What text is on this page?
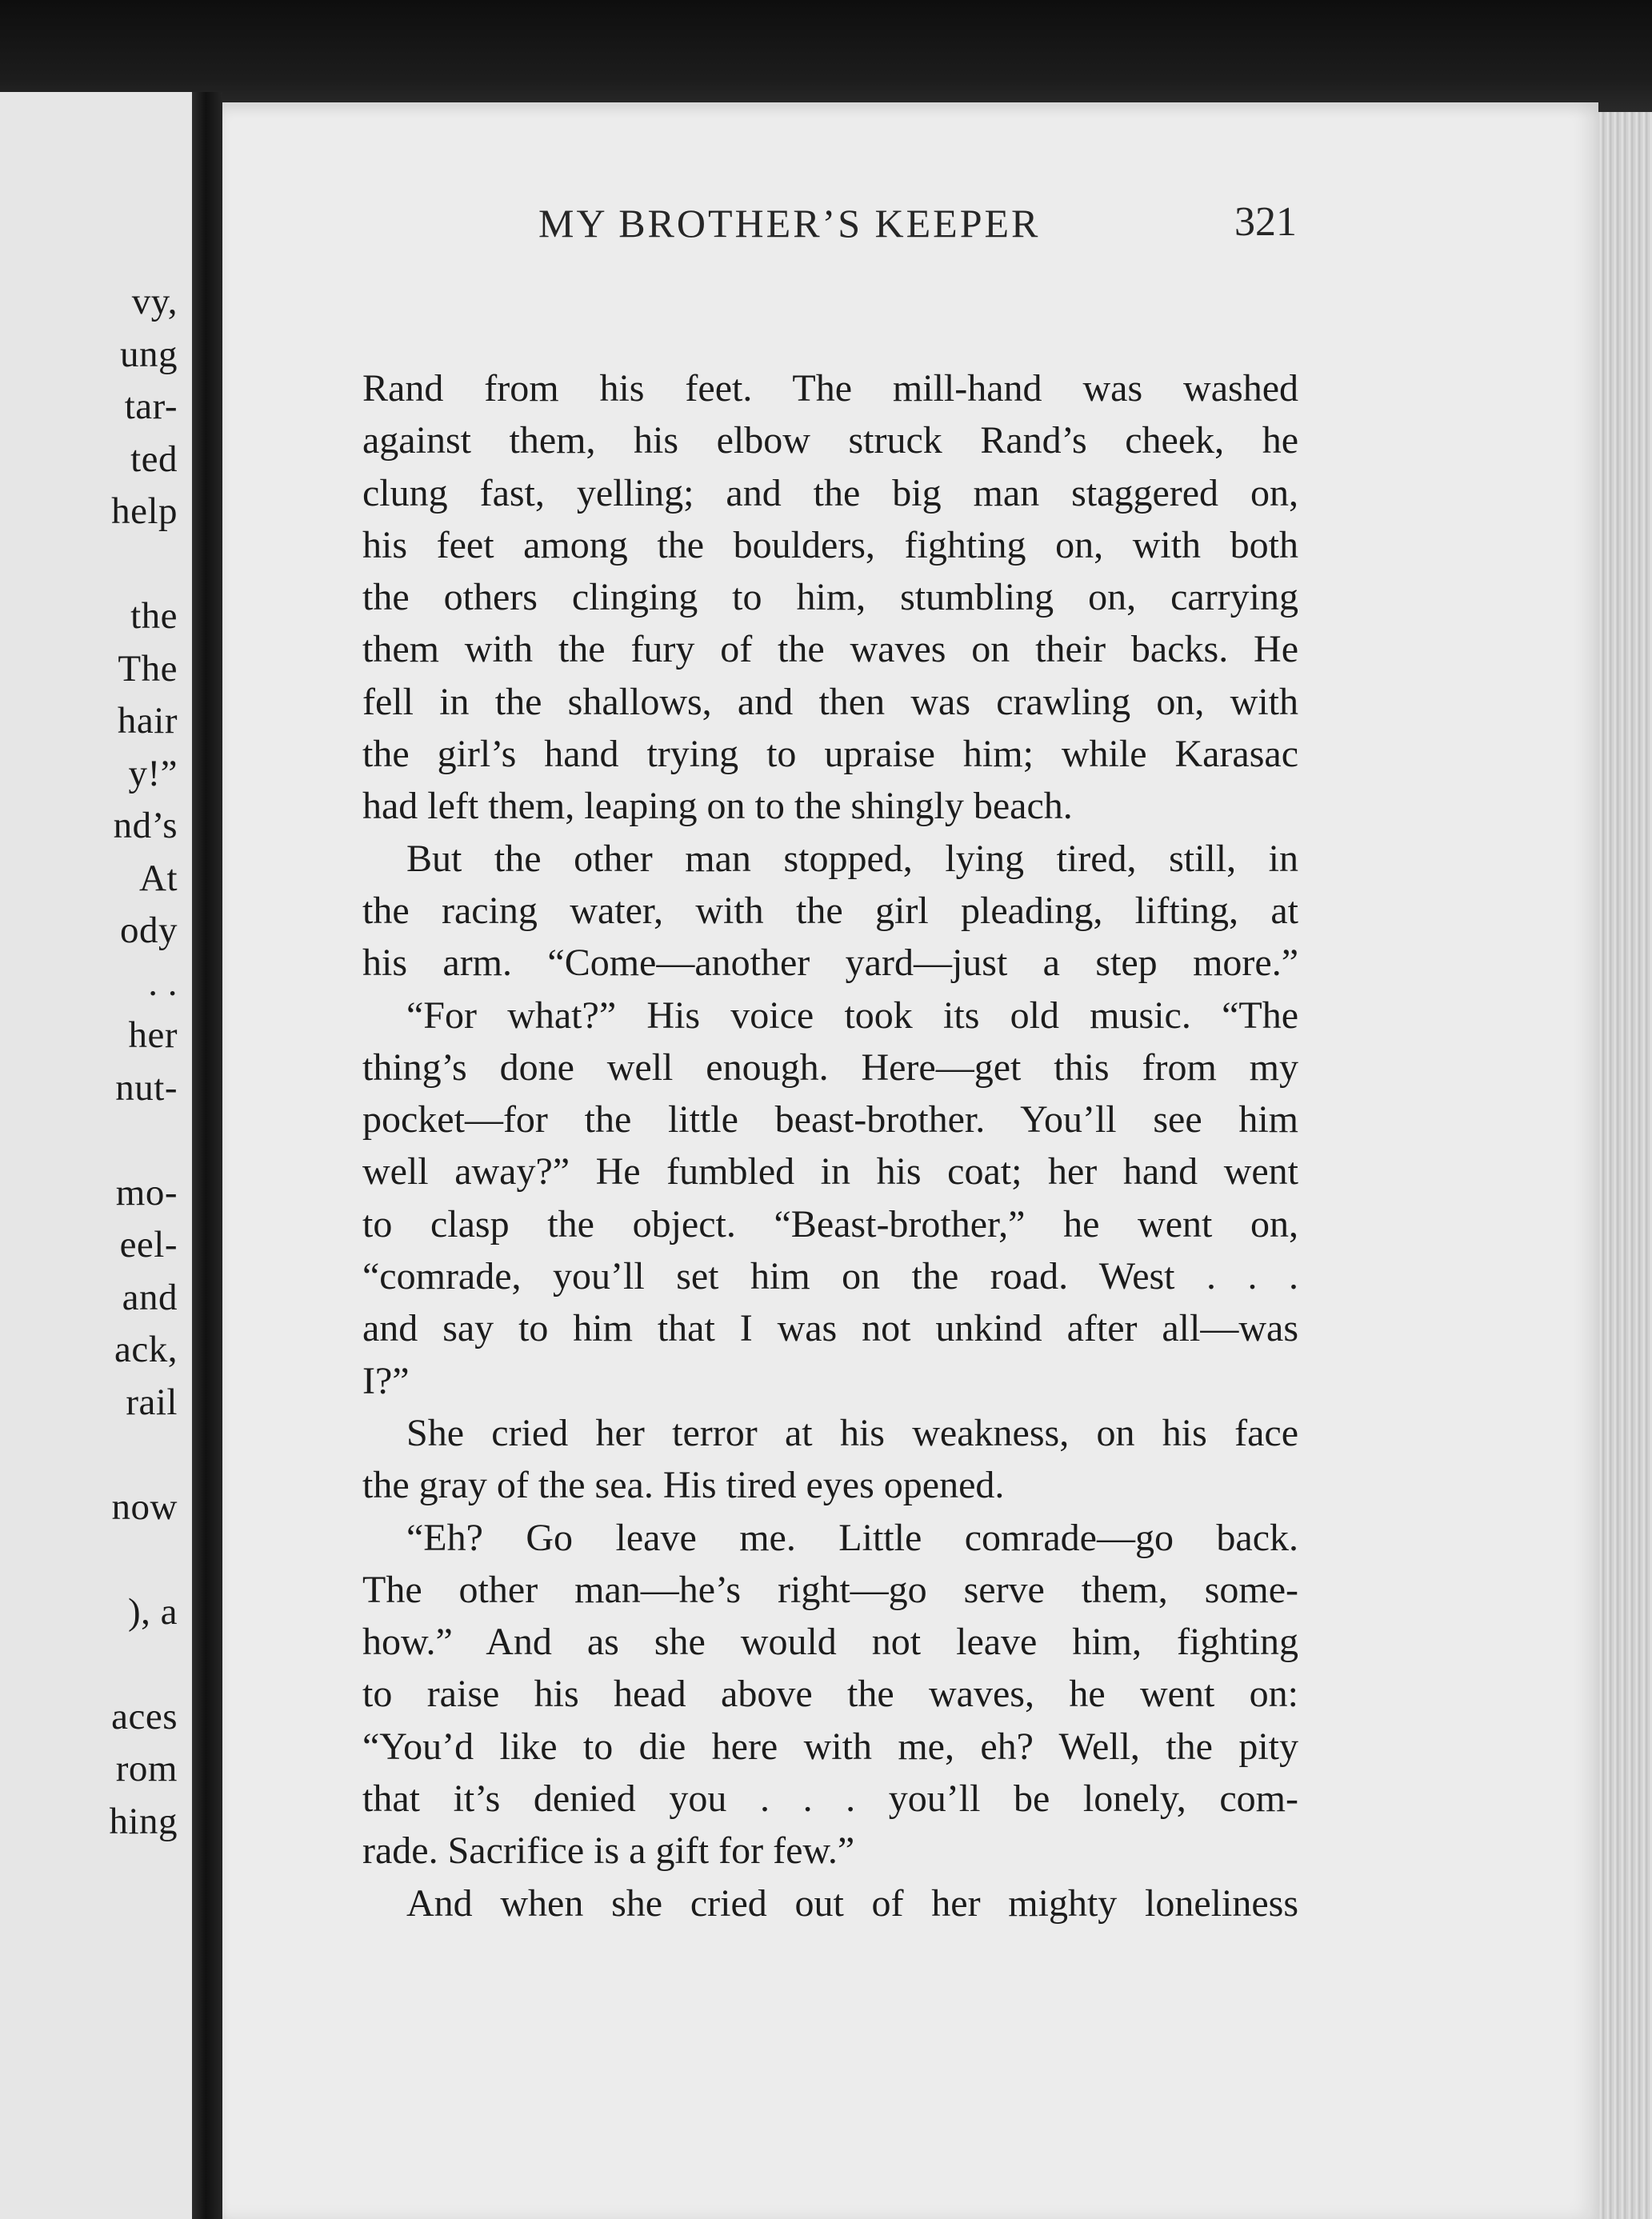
vy,
ung
tar-
ted
help
the
The
hair
y!”
nd’s
At
ody
. .
her
nut-
mo-
eel-
and
ack,
rail
now
), a
aces
rom
hing
MY BROTHER’S KEEPER	321
Rand from his feet. The mill-hand was washed
against them, his elbow struck Rand’s cheek, he
clung fast, yelling; and the big man staggered on,
his feet among the boulders, fighting on, with both
the others clinging to him, stumbling on, carrying
them with the fury of the waves on their backs. He
fell in the shallows, and then was crawling on, with
the girl’s hand trying to upraise him; while Karasac
had left them, leaping on to the shingly beach.
But the other man stopped, lying tired, still, in
the racing water, with the girl pleading, lifting, at
his arm. “Come—another yard—just a step more.”
“For what?” His voice took its old music. “The
thing’s done well enough. Here—get this from my
pocket—for the little beast-brother. You’ll see him
well away?” He fumbled in his coat; her hand went
to clasp the object. “Beast-brother,” he went on,
“comrade, you’ll set him on the road. West . . .
and say to him that I was not unkind after all—was
I?”
She cried her terror at his weakness, on his face
the gray of the sea. His tired eyes opened.
“Eh? Go leave me. Little comrade—go back.
The other man—he’s right—go serve them, some-
how.” And as she would not leave him, fighting
to raise his head above the waves, he went on:
“You’d like to die here with me, eh? Well, the pity
that it’s denied you . . . you’ll be lonely, com-
rade. Sacrifice is a gift for few.”
And when she cried out of her mighty loneliness
